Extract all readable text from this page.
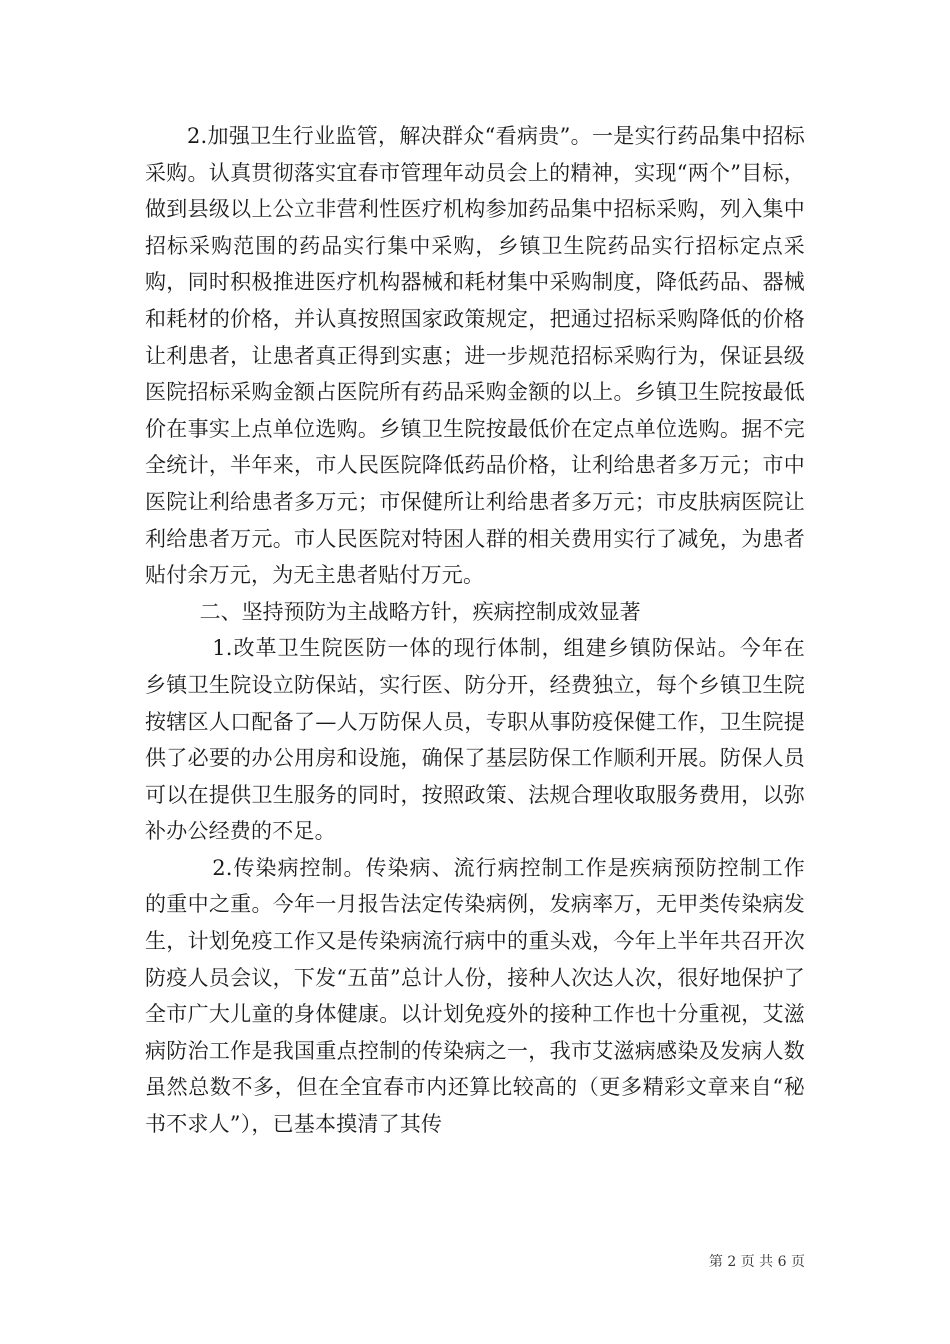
2.加强卫生行业监管，解决群众“看病贵”。一是实行药品集中招标采购。认真贯彻落实宜春市管理年动员会上的精神，实现“两个”目标，做到县级以上公立非营利性医疗机构参加药品集中招标采购，列入集中招标采购范围的药品实行集中采购，乡镇卫生院药品实行招标定点采购，同时积极推进医疗机构器械和耗材集中采购制度，降低药品、器械和耗材的价格，并认真按照国家政策规定，把通过招标采购降低的价格让利患者，让患者真正得到实惠；进一步规范招标采购行为，保证县级医院招标采购金额占医院所有药品采购金额的以上。乡镇卫生院按最低价在事实上点单位选购。乡镇卫生院按最低价在定点单位选购。据不完全统计，半年来，市人民医院降低药品价格，让利给患者多万元；市中医院让利给患者多万元；市保健所让利给患者多万元；市皮肤病医院让利给患者万元。市人民医院对特困人群的相关费用实行了减免，为患者贴付余万元，为无主患者贴付万元。

二、坚持预防为主战略方针，疾病控制成效显著

1.改革卫生院医防一体的现行体制，组建乡镇防保站。今年在乡镇卫生院设立防保站，实行医、防分开，经费独立，每个乡镇卫生院按辖区人口配备了—人万防保人员，专职从事防疫保健工作，卫生院提供了必要的办公用房和设施，确保了基层防保工作顺利开展。防保人员可以在提供卫生服务的同时，按照政策、法规合理收取服务费用，以弥补办公经费的不足。

2.传染病控制。传染病、流行病控制工作是疾病预防控制工作的重中之重。今年一月报告法定传染病例，发病率万，无甲类传染病发生，计划免疫工作又是传染病流行病中的重头戏，今年上半年共召开次防疫人员会议，下发“五苗”总计人份，接种人次达人次，很好地保护了全市广大儿童的身体健康。以计划免疫外的接种工作也十分重视，艾滋病防治工作是我国重点控制的传染病之一，我市艾滋病感染及发病人数虽然总数不多，但在全宜春市内还算比较高的（更多精彩文章来自“秘书不求人”），已基本摸清了其传

第 2 页 共 6 页
